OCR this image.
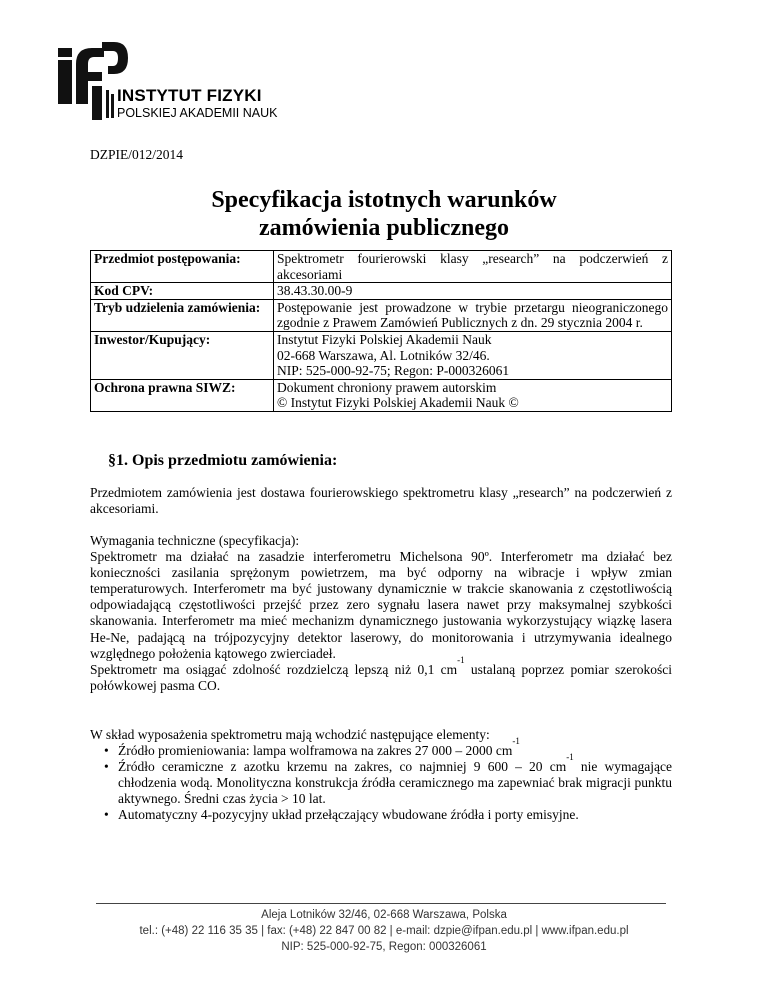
INSTYTUT FIZYKI
POLSKIEJ AKADEMII NAUK
DZPIE/012/2014
Specyfikacja istotnych warunków
zamówienia publicznego
Przedmiot postępowania:	Spektrometr fourierowski klasy „research” na podczerwień z akcesoriami
Kod CPV:	38.43.30.00-9
Tryb udzielenia zamówienia:	Postępowanie jest prowadzone w trybie przetargu nieograniczonego zgodnie z Prawem Zamówień Publicznych z dn. 29 stycznia 2004 r.
Inwestor/Kupujący:	Instytut Fizyki Polskiej Akademii Nauk
02-668 Warszawa, Al. Lotników 32/46.
NIP: 525-000-92-75; Regon: P-000326061

Ochrona prawna SIWZ:	Dokument chroniony prawem autorskim
© Instytut Fizyki Polskiej Akademii Nauk ©
§1. Opis przedmiotu zamówienia:
Przedmiotem zamówienia jest dostawa fourierowskiego spektrometru klasy „research” na podczerwień z akcesoriami.
Wymagania techniczne (specyfikacja):
Spektrometr ma działać na zasadzie interferometru Michelsona 90º. Interferometr ma działać bez konieczności zasilania sprężonym powietrzem, ma być odporny na wibracje i wpływ zmian temperaturowych. Interferometr ma być justowany dynamicznie w trakcie skanowania z częstotliwością odpowiadającą częstotliwości przejść przez zero sygnału lasera nawet przy maksymalnej szybkości skanowania. Interferometr ma mieć mechanizm dynamicznego justowania wykorzystujący wiązkę lasera He-Ne, padającą na trójpozycyjny detektor laserowy, do monitorowania i utrzymywania idealnego względnego położenia kątowego zwierciadeł.
Spektrometr ma osiągać zdolność rozdzielczą lepszą niż 0,1 $cm^{-1}$ ustalaną poprzez pomiar szerokości połówkowej pasma CO.
W skład wyposażenia spektrometru mają wchodzić następujące elementy:
• Źródło promieniowania: lampa wolframowa na zakres 27 000 – 2000 $cm^{-1}$
• Źródło ceramiczne z azotku krzemu na zakres, co najmniej 9 600 – 20 $cm^{-1}$ nie wymagające chłodzenia wodą. Monolityczna konstrukcja źródła ceramicznego ma zapewniać brak migracji punktu aktywnego. Średni czas życia > 10 lat.
• Automatyczny 4-pozycyjny układ przełączający wbudowane źródła i porty emisyjne.
Aleja Lotników 32/46, 02-668 Warszawa, Polska
tel.: (+48) 22 116 35 35 | fax: (+48) 22 847 00 82 | e-mail: dzpie@ifpan.edu.pl | www.ifpan.edu.pl
NIP: 525-000-92-75, Regon: 000326061
